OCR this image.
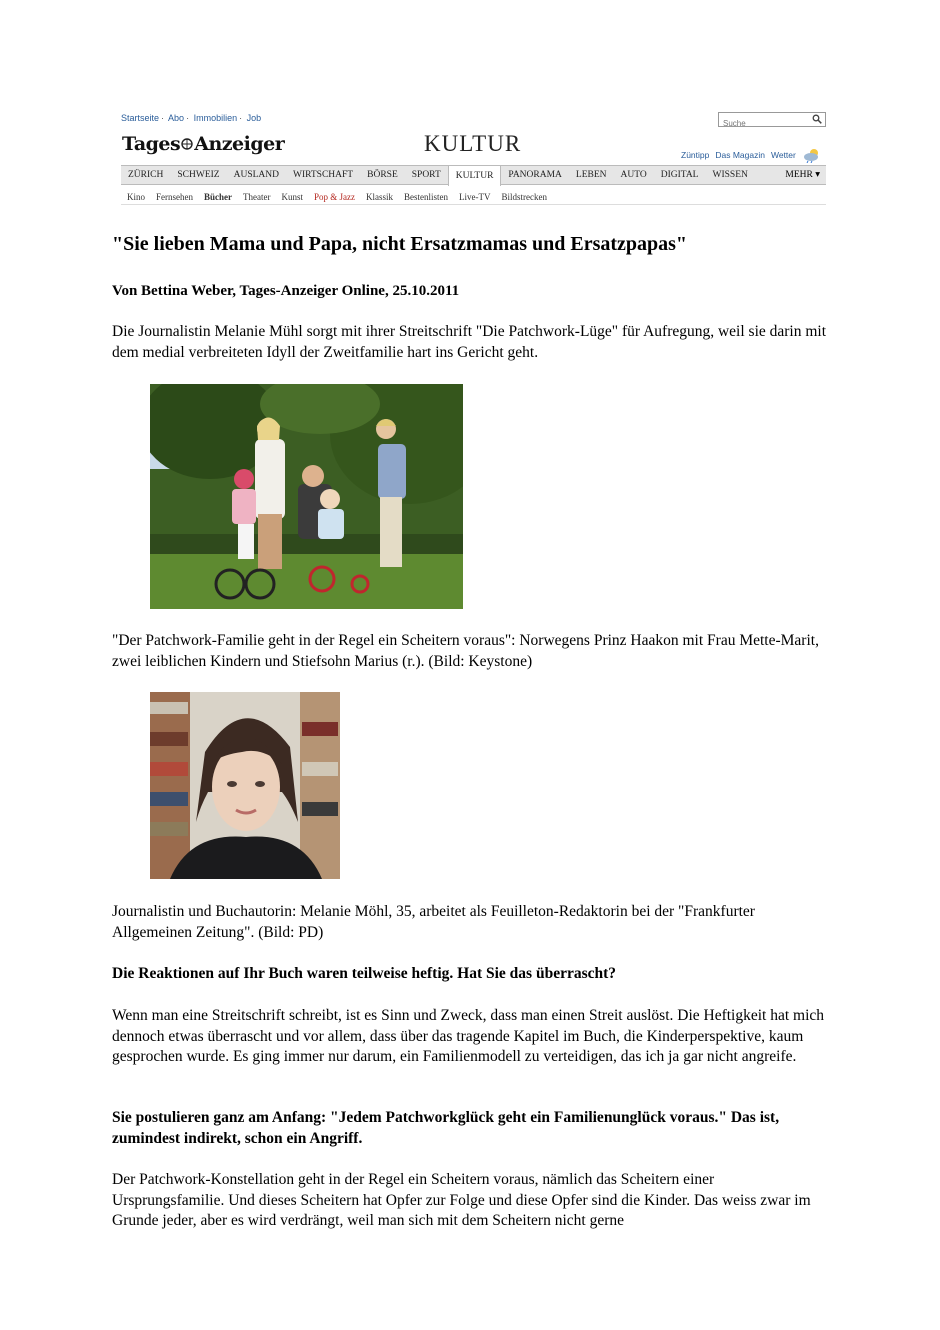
Startseite · Abo · Immobilien · Job
Suche
Tages Anzeiger	KULTUR	Züntipp Das Magazin Wetter
ZÜRICH	SCHWEIZ	AUSLAND	WIRTSCHAFT	BÖRSE	SPORT	KULTUR	PANORAMA	LEBEN	AUTO	DIGITAL	WISSEN	MEHR ▾
Kino	Fernsehen	Bücher	Theater	Kunst	Pop & Jazz	Klassik	Bestenlisten	Live-TV	Bildstrecken
"Sie lieben Mama und Papa, nicht Ersatzmamas und Ersatzpapas"
Von Bettina Weber, Tages-Anzeiger Online, 25.10.2011

Die Journalistin Melanie Mühl sorgt mit ihrer Streitschrift "Die Patchwork-Lüge" für Aufregung, weil sie darin mit dem medial verbreiteten Idyll der Zweitfamilie hart ins Gericht geht.

"Der Patchwork-Familie geht in der Regel ein Scheitern voraus": Norwegens Prinz Haakon mit Frau Mette-Marit, zwei leiblichen Kindern und Stiefsohn Marius (r.). (Bild: Keystone)

Journalistin und Buchautorin: Melanie Möhl, 35, arbeitet als Feuilleton-Redaktorin bei der "Frankfurter Allgemeinen Zeitung". (Bild: PD)

Die Reaktionen auf Ihr Buch waren teilweise heftig. Hat Sie das überrascht?

Wenn man eine Streitschrift schreibt, ist es Sinn und Zweck, dass man einen Streit auslöst. Die Heftigkeit hat mich dennoch etwas überrascht und vor allem, dass über das tragende Kapitel im Buch, die Kinderperspektive, kaum gesprochen wurde. Es ging immer nur darum, ein Familienmodell zu verteidigen, das ich ja gar nicht angreife.

Sie postulieren ganz am Anfang: "Jedem Patchworkglück geht ein Familienunglück voraus." Das ist, zumindest indirekt, schon ein Angriff.

Der Patchwork-Konstellation geht in der Regel ein Scheitern voraus, nämlich das Scheitern einer Ursprungsfamilie. Und dieses Scheitern hat Opfer zur Folge und diese Opfer sind die Kinder. Das weiss zwar im Grunde jeder, aber es wird verdrängt, weil man sich mit dem Scheitern nicht gerne
